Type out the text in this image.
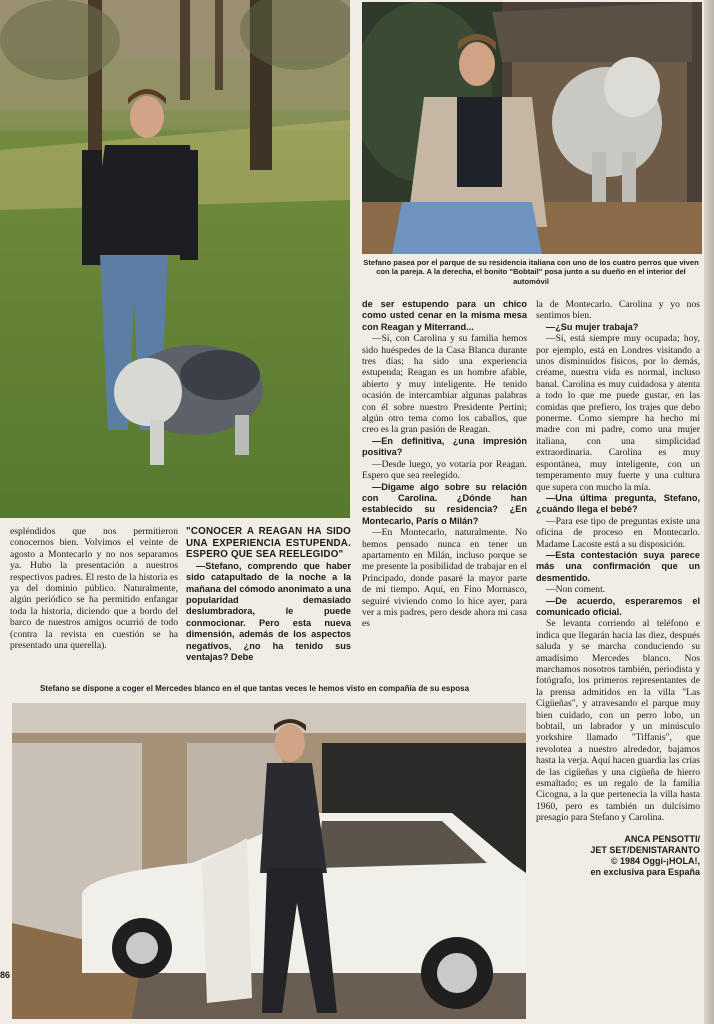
Stefano pasea por el parque de su residencia italiana con uno de los cuatro perros que viven con la pareja. A la derecha, el bonito "Bobtail" posa junto a su dueño en el interior del automóvil

espléndidos que nos permitieron conocernos bien. Volvimos el veinte de agosto a Montecarlo y no nos separamos ya. Hubo la presentación a nuestros respectivos padres. El resto de la historia es ya del dominio público. Naturalmente, algún periódico se ha permitido enfangar toda la historia, diciendo que a bordo del barco de nuestros amigos ocurrió de todo (contra la revista en cuestión se ha presentado una querella).

"CONOCER A REAGAN HA SIDO UNA EXPERIENCIA ESTUPENDA. ESPERO QUE SEA REELEGIDO"

—Stefano, comprendo que haber sido catapultado de la noche a la mañana del cómodo anonimato a una popularidad demasiado deslumbradora, le puede conmocionar. Pero esta nueva dimensión, además de los aspectos negativos, ¿no ha tenido sus ventajas? Debe

de ser estupendo para un chico como usted cenar en la misma mesa con Reagan y Miterrand...

—Sí, con Carolina y su familia hemos sido huéspedes de la Casa Blanca durante tres días; ha sido una experiencia estupenda; Reagan es un hombre afable, abierto y muy inteligente. He tenido ocasión de intercambiar algunas palabras con él sobre nuestro Presidente Pertini; algún otro tema como los caballos, que creo es la gran pasión de Reagan.

—En definitiva, ¿una impresión positiva?

—Desde luego, yo votaría por Reagan. Espero que sea reelegido.

—Digame algo sobre su relación con Carolina. ¿Dónde han establecido su residencia? ¿En Montecarlo, París o Milán?

—En Montecarlo, naturalmente. No hemos pensado nunca en tener un apartamento en Milán, incluso porque se me presente la posibilidad de trabajar en el Principado, donde pasaré la mayor parte de mi tiempo. Aquí, en Fino Mornasco, seguiré viviendo como lo hice ayer, para ver a mis padres, pero desde ahora mi casa es

la de Montecarlo. Carolina y yo nos sentimos bien.

—¿Su mujer trabaja?

—Sí, está siempre muy ocupada; hoy, por ejemplo, está en Londres visitando a unos disminuidos físicos, por lo demás, créame, nuestra vida es normal, incluso banal. Carolina es muy cuidadosa y atenta a todo lo que me puede gustar, en las comidas que prefiero, los trajes que debo ponerme. Como siempre ha hecho mi madre con mi padre, como una mujer italiana, con una simplicidad extraordinaria. Carolina es muy espontánea, muy inteligente, con un temperamento muy fuerte y una cultura que supera con mucho la mía.

—Una última pregunta, Stefano, ¿cuándo llega el bebé?

—Para ese tipo de preguntas existe una oficina de proceso en Montecarlo. Madame Lacoste está a su disposición.

—Esta contestación suya parece más una confirmación que un desmentido.

—Non coment.

—De acuerdo, esperaremos el comunicado oficial.

Se levanta corriendo al teléfono e indica que llegarán hacia las diez, después saluda y se marcha conduciendo su amadísimo Mercedes blanco. Nos marchamos nosotros también, periodista y fotógrafo, los primeros representantes de la prensa admitidos en la villa "Las Cigüeñas", y atravesando el parque muy bien cuidado, con un perro lobo, un bobtail, un labrador y un minúsculo yorkshire llamado "Tiffanis", que revolotea a nuestro alrededor, bajamos hasta la verja. Aquí hacen guardia las crías de las cigüeñas y una cigüeña de hierro esmaltado; es un regalo de la familia Cicogna, a la que pertenecía la villa hasta 1960, pero es también un dulcísimo presagio para Stefano y Carolina.

ANCA PENSOTTI/
JET SET/DENISTARANTO
© 1984 Oggi-¡HOLA!,
en exclusiva para España
Stefano se dispone a coger el Mercedes blanco en el que tantas veces le hemos visto en compañía de su esposa
86
